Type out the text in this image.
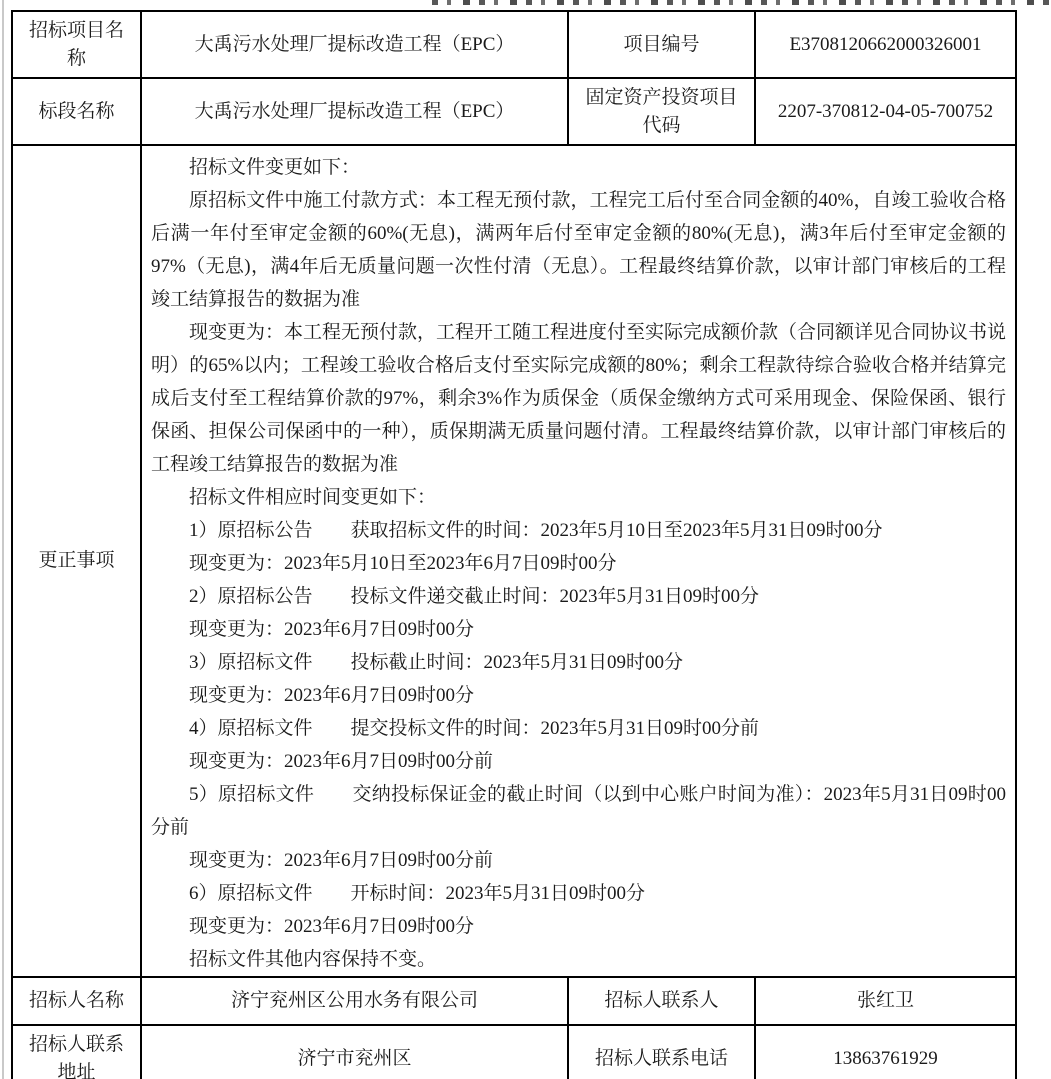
招标项目名称	大禹污水处理厂提标改造工程（EPC）	项目编号	E3708120662000326001
标段名称	大禹污水处理厂提标改造工程（EPC）	固定资产投资项目代码	2207-370812-04-05-700752
更正事项	

招标文件变更如下：

原招标文件中施工付款方式：本工程无预付款，工程完工后付至合同金额的40%，自竣工验收合格后满一年付至审定金额的60%(无息)，满两年后付至审定金额的80%(无息)，满3年后付至审定金额的97%（无息)，满4年后无质量问题一次性付清（无息）。工程最终结算价款，以审计部门审核后的工程竣工结算报告的数据为准

现变更为：本工程无预付款，工程开工随工程进度付至实际完成额价款（合同额详见合同协议书说明）的65%以内；工程竣工验收合格后支付至实际完成额的80%；剩余工程款待综合验收合格并结算完成后支付至工程结算价款的97%，剩余3%作为质保金（质保金缴纳方式可采用现金、保险保函、银行保函、担保公司保函中的一种），质保期满无质量问题付清。工程最终结算价款，以审计部门审核后的工程竣工结算报告的数据为准

招标文件相应时间变更如下：

1）原招标公告　　获取招标文件的时间：2023年5月10日至2023年5月31日09时00分

现变更为：2023年5月10日至2023年6月7日09时00分

2）原招标公告　　投标文件递交截止时间：2023年5月31日09时00分

现变更为：2023年6月7日09时00分

3）原招标文件　　投标截止时间：2023年5月31日09时00分

现变更为：2023年6月7日09时00分

4）原招标文件　　提交投标文件的时间：2023年5月31日09时00分前

现变更为：2023年6月7日09时00分前

5）原招标文件　　交纳投标保证金的截止时间（以到中心账户时间为准）：2023年5月31日09时00分前

现变更为：2023年6月7日09时00分前

6）原招标文件　　开标时间：2023年5月31日09时00分

现变更为：2023年6月7日09时00分

招标文件其他内容保持不变。

招标人名称	济宁兖州区公用水务有限公司	招标人联系人	张红卫
招标人联系地址	济宁市兖州区	招标人联系电话	13863761929
